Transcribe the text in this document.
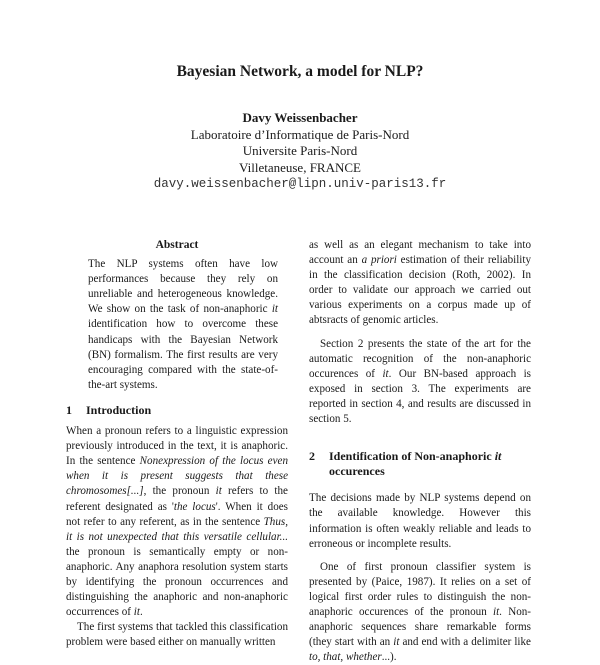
Bayesian Network, a model for NLP?
Davy Weissenbacher
Laboratoire d’Informatique de Paris-Nord
Universite Paris-Nord
Villetaneuse, FRANCE
davy.weissenbacher@lipn.univ-paris13.fr
Abstract
The NLP systems often have low performances because they rely on unreliable and heterogeneous knowledge. We show on the task of non-anaphoric it identification how to overcome these handicaps with the Bayesian Network (BN) formalism. The first results are very encouraging compared with the state-of-the-art systems.
1	Introduction

When a pronoun refers to a linguistic expression previously introduced in the text, it is anaphoric. In the sentence Nonexpression of the locus even when it is present suggests that these chromosomes[...], the pronoun it refers to the referent designated as 'the locus'. When it does not refer to any referent, as in the sentence Thus, it is not unexpected that this versatile cellular... the pronoun is semantically empty or non-anaphoric. Any anaphora resolution system starts by identifying the pronoun occurrences and distinguishing the anaphoric and non-anaphoric occurrences of it.

The first systems that tackled this classification problem were based either on manually written

as well as an elegant mechanism to take into account an a priori estimation of their reliability in the classification decision (Roth, 2002). In order to validate our approach we carried out various experiments on a corpus made up of abtsracts of genomic articles.

Section 2 presents the state of the art for the automatic recognition of the non-anaphoric occurences of it. Our BN-based approach is exposed in section 3. The experiments are reported in section 4, and results are discussed in section 5.

2	Identification of Non-anaphoric it
occurences

The decisions made by NLP systems depend on the available knowledge. However this information is often weakly reliable and leads to erroneous or incomplete results.

One of first pronoun classifier system is presented by (Paice, 1987). It relies on a set of logical first order rules to distinguish the non-anaphoric occurences of the pronoun it. Non-anaphoric sequences share remarkable forms (they start with an it and end with a delimiter like to, that, whether...).
